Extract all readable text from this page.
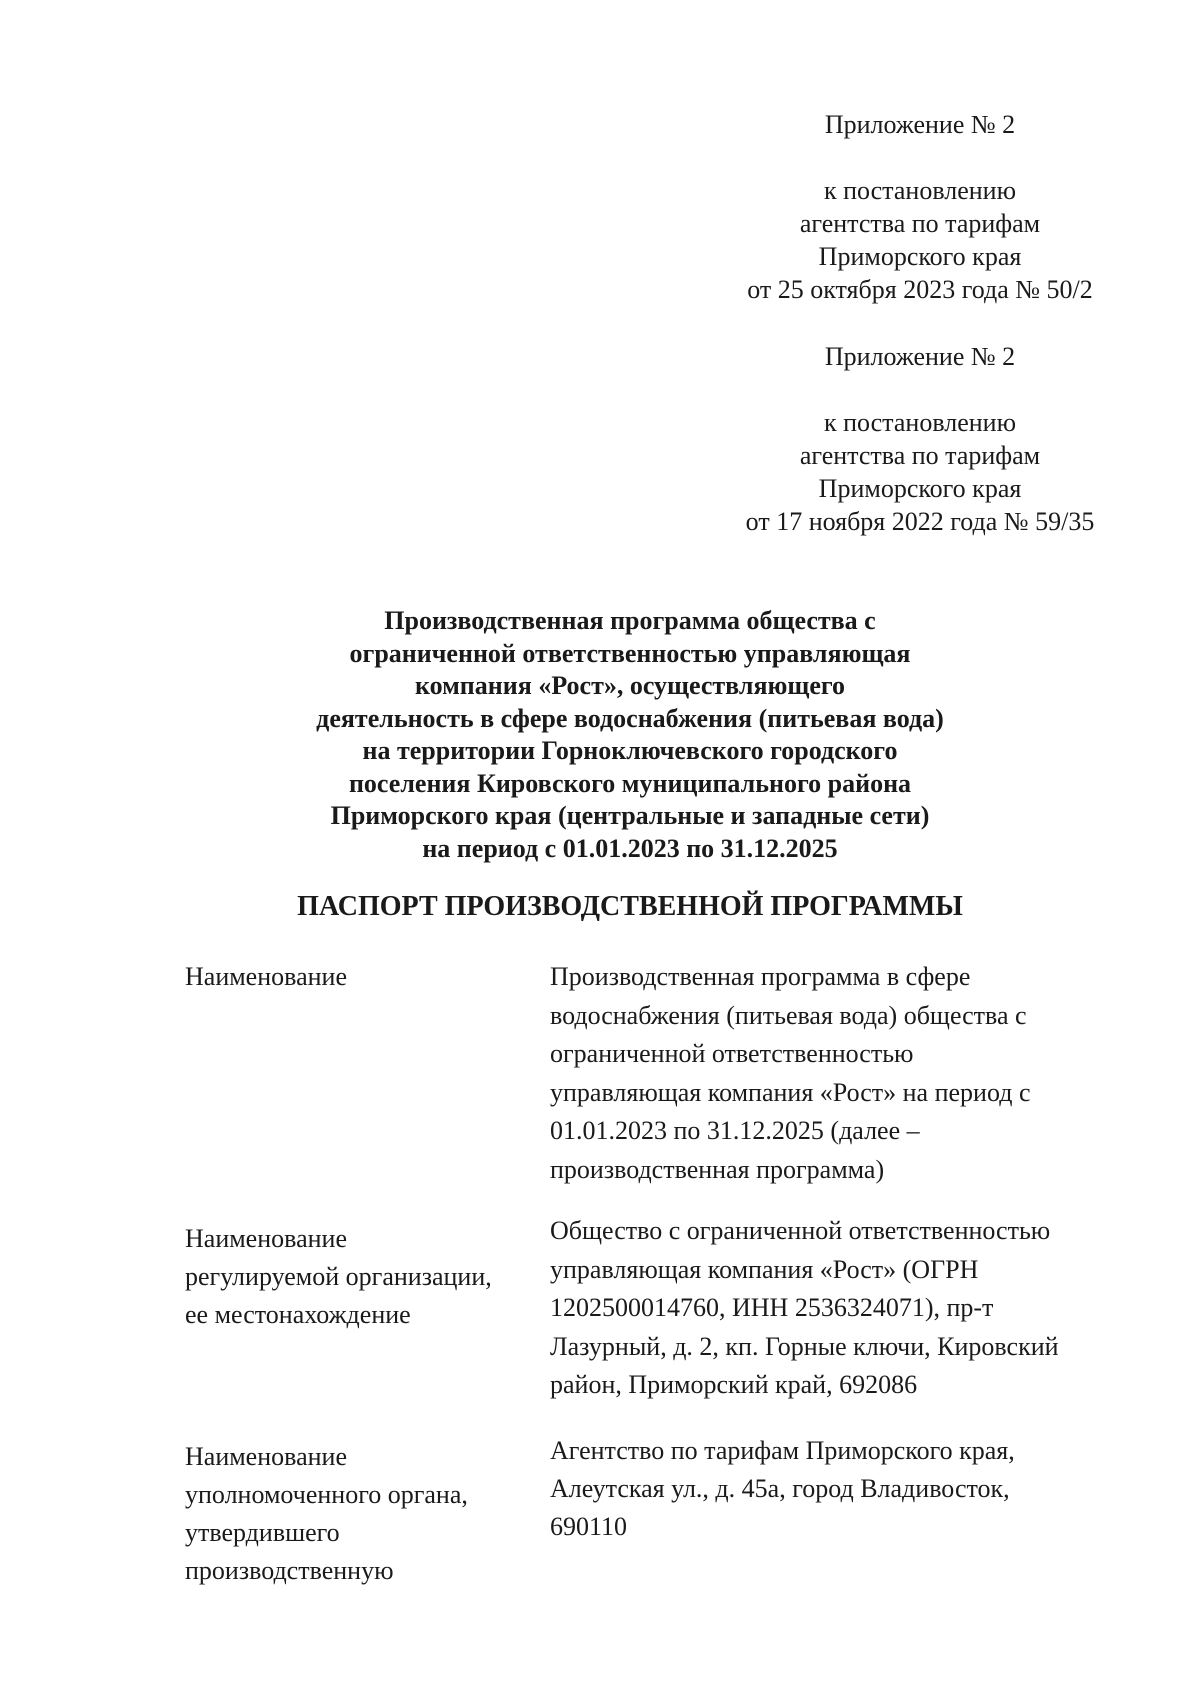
Приложение № 2
к постановлению
агентства по тарифам
Приморского края
от 25 октября 2023 года № 50/2
Приложение № 2
к постановлению
агентства по тарифам
Приморского края
от 17 ноября 2022 года № 59/35
Производственная программа общества с
ограниченной ответственностью управляющая
компания «Рост», осуществляющего
деятельность в сфере водоснабжения (питьевая вода)
на территории Горноключевского городского
поселения Кировского муниципального района
Приморского края (центральные и западные сети)
на период с 01.01.2023 по 31.12.2025
ПАСПОРТ ПРОИЗВОДСТВЕННОЙ ПРОГРАММЫ
Наименование	Производственная программа в сфере
водоснабжения (питьевая вода) общества с
ограниченной ответственностью
управляющая компания «Рост» на период с
01.01.2023 по 31.12.2025 (далее –
производственная программа)
Наименование
регулируемой организации,
ее местонахождение
Общество с ограниченной ответственностью
управляющая компания «Рост» (ОГРН
1202500014760, ИНН 2536324071), пр-т
Лазурный, д. 2, кп. Горные ключи, Кировский
район, Приморский край, 692086
Наименование
уполномоченного органа,
утвердившего
производственную
Агентство по тарифам Приморского края,
Алеутская ул., д. 45а, город Владивосток,
690110
